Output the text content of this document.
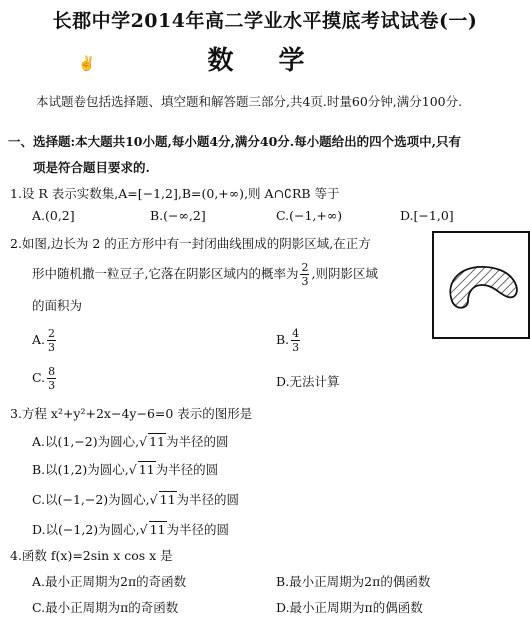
长郡中学2014年高二学业水平摸底考试试卷(一)
数 学
✌
本试题卷包括选择题、填空题和解答题三部分,共4页.时量60分钟,满分100分.
一、选择题:本大题共10小题,每小题4分,满分40分.每小题给出的四个选项中,只有
项是符合题目要求的.
1.设 R 表示实数集,A=[−1,2],B=(0,+∞),则 A∩∁RB 等于
A.(0,2]	B.(−∞,2]	C.(−1,+∞)	D.[−1,0]
2.如图,边长为 2 的正方形中有一封闭曲线围成的阴影区域,在正方
形中随机撒一粒豆子,它落在阴影区域内的概率为 $\frac{2}{3}$ ,则阴影区域
的面积为
A. $\frac{2}{3}$	B. $\frac{4}{3}$
C. $\frac{8}{3}$	D.无法计算
3.方程 x²+y²+2x−4y−6=0 表示的图形是
A.以(1,−2)为圆心,√ 11为半径的圆
B.以(1,2)为圆心,√ 11为半径的圆
C.以(−1,−2)为圆心,√ 11为半径的圆
D.以(−1,2)为圆心,√ 11为半径的圆
4.函数 f(x)=2sin x cos x 是
A.最小正周期为2π的奇函数	B.最小正周期为2π的偶函数
C.最小正周期为π的奇函数	D.最小正周期为π的偶函数
